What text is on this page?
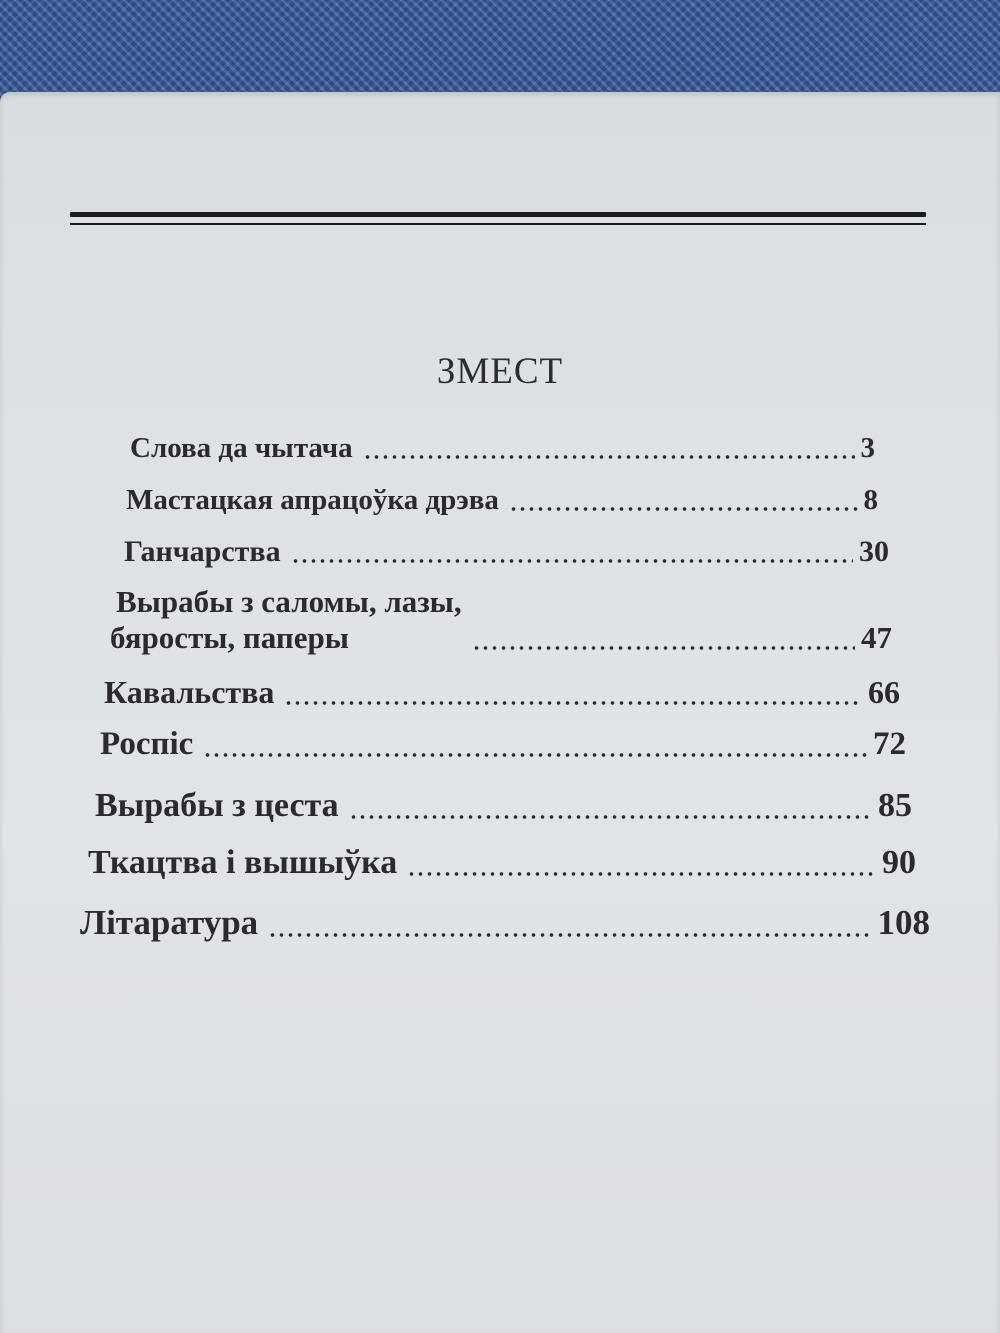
ЗМЕСТ
Слова да чытача	3
Мастацкая апрацоўка дрэва	8
Ганчарства	30
Вырабы з саломы, лазы,
бяросты, паперы	47
Кавальства	66
Роспіс	72
Вырабы з цеста	85
Ткацтва і вышыўка	90
Літаратура	108
